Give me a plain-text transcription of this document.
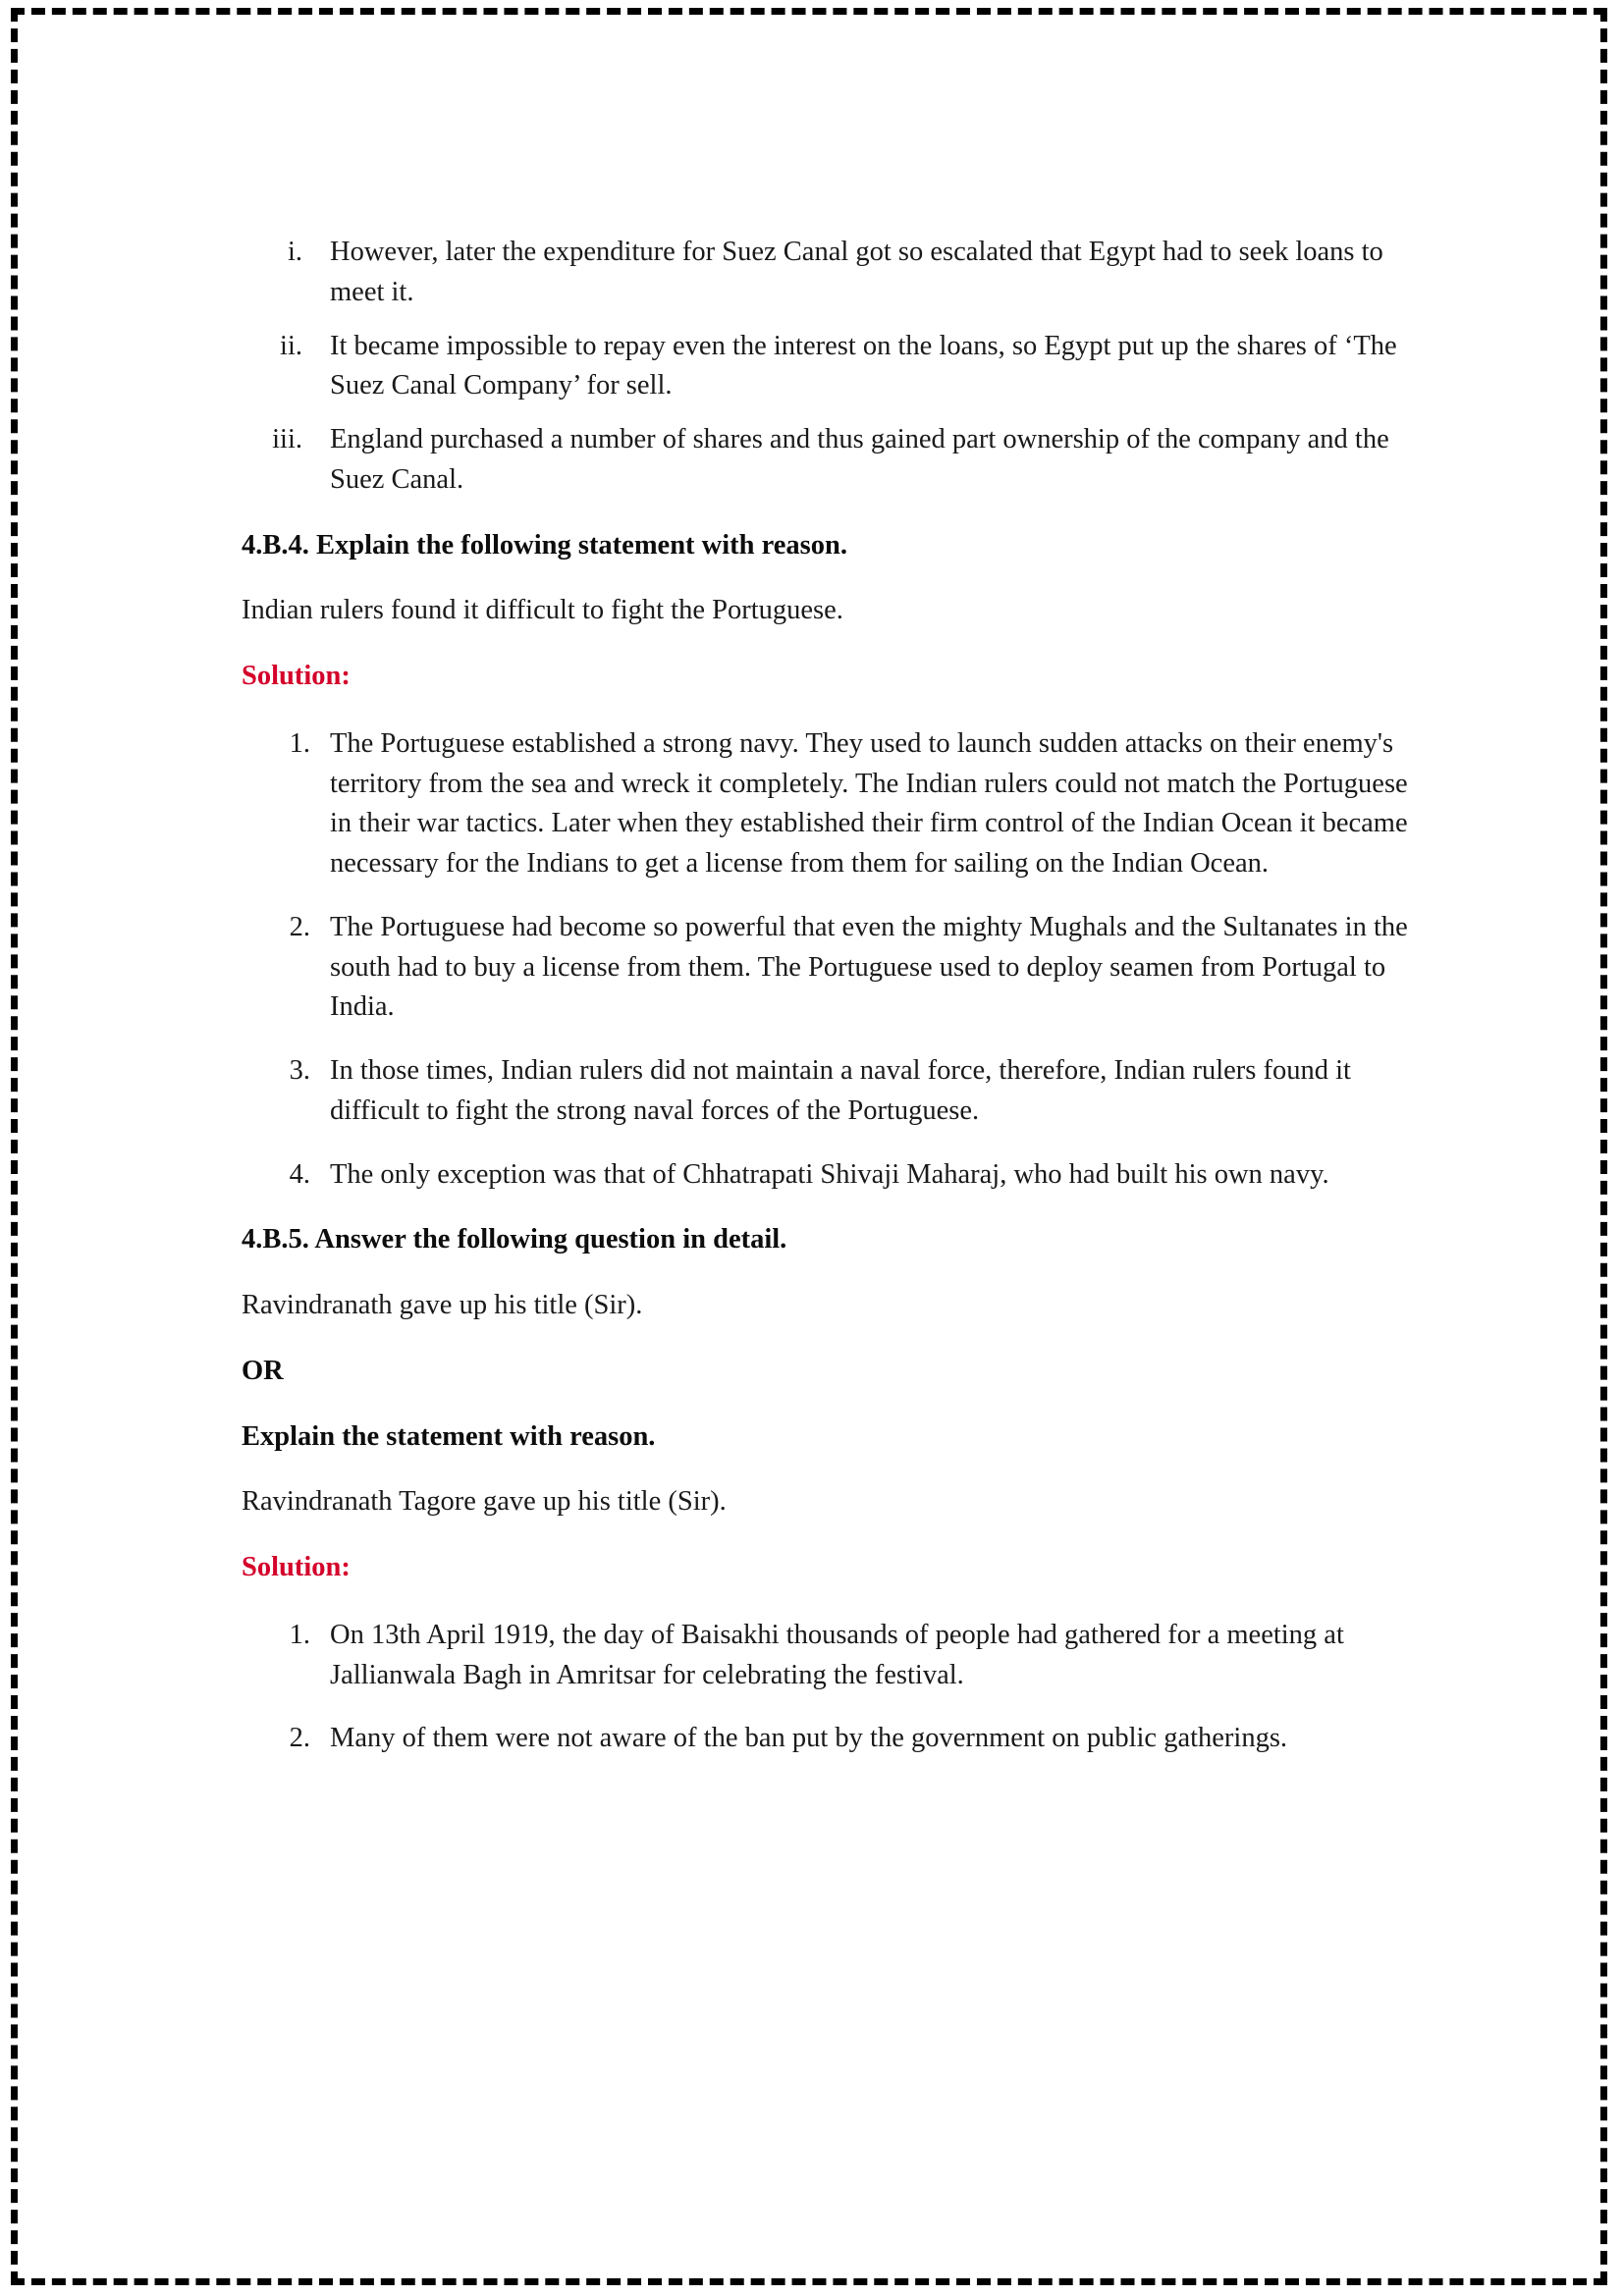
i. However, later the expenditure for Suez Canal got so escalated that Egypt had to seek loans to meet it.
ii. It became impossible to repay even the interest on the loans, so Egypt put up the shares of ‘The Suez Canal Company’ for sell.
iii. England purchased a number of shares and thus gained part ownership of the company and the Suez Canal.

4.B.4. Explain the following statement with reason.

Indian rulers found it difficult to fight the Portuguese.

Solution:

1. The Portuguese established a strong navy. They used to launch sudden attacks on their enemy's territory from the sea and wreck it completely. The Indian rulers could not match the Portuguese in their war tactics. Later when they established their firm control of the Indian Ocean it became necessary for the Indians to get a license from them for sailing on the Indian Ocean.
2. The Portuguese had become so powerful that even the mighty Mughals and the Sultanates in the south had to buy a license from them. The Portuguese used to deploy seamen from Portugal to India.
3. In those times, Indian rulers did not maintain a naval force, therefore, Indian rulers found it difficult to fight the strong naval forces of the Portuguese.
4. The only exception was that of Chhatrapati Shivaji Maharaj, who had built his own navy.

4.B.5. Answer the following question in detail.

Ravindranath gave up his title (Sir).

OR

Explain the statement with reason.

Ravindranath Tagore gave up his title (Sir).

Solution:

1. On 13th April 1919, the day of Baisakhi thousands of people had gathered for a meeting at Jallianwala Bagh in Amritsar for celebrating the festival.
2. Many of them were not aware of the ban put by the government on public gatherings.
